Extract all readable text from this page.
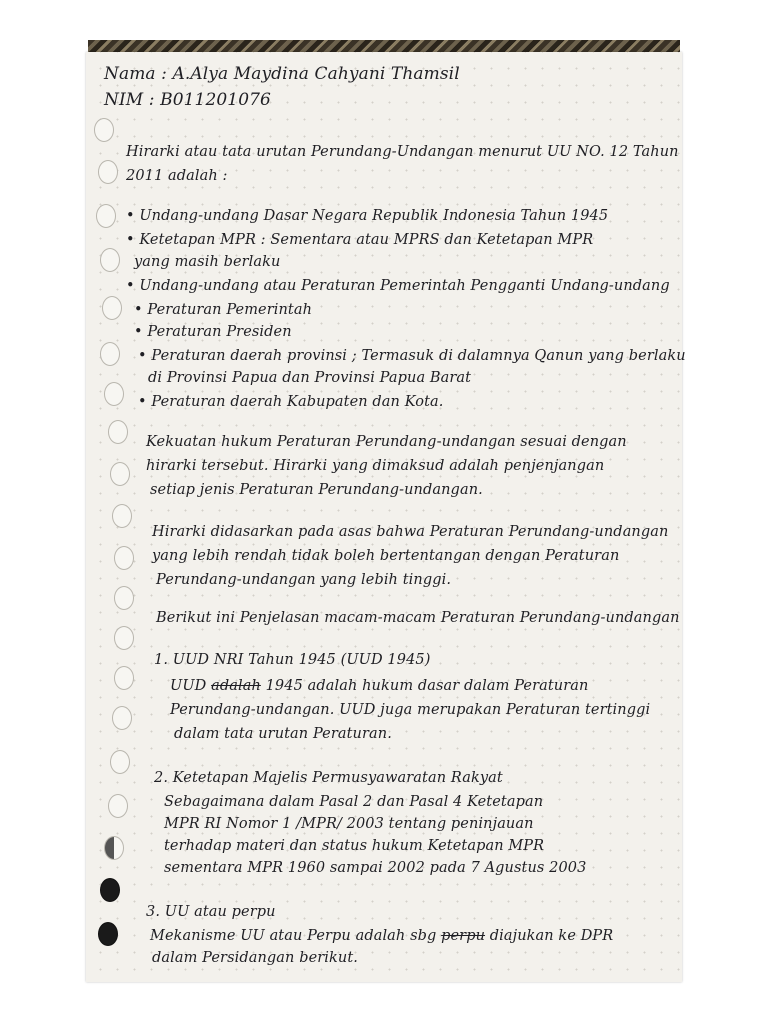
Nama : A.Alya Maydina Cahyani Thamsil
NIM : B011201076
Hirarki atau tata urutan Perundang-Undangan menurut UU NO. 12 Tahun
2011 adalah :
• Undang-undang Dasar Negara Republik Indonesia Tahun 1945
• Ketetapan MPR : Sementara atau MPRS dan Ketetapan MPR
yang masih berlaku
• Undang-undang atau Peraturan Pemerintah Pengganti Undang-undang
• Peraturan Pemerintah
• Peraturan Presiden
• Peraturan daerah provinsi ; Termasuk di dalamnya Qanun yang berlaku
di Provinsi Papua dan Provinsi Papua Barat
• Peraturan daerah Kabupaten dan Kota.
Kekuatan hukum Peraturan Perundang-undangan sesuai dengan
hirarki tersebut. Hirarki yang dimaksud adalah penjenjangan
setiap jenis Peraturan Perundang-undangan.
Hirarki didasarkan pada asas bahwa Peraturan Perundang-undangan
yang lebih rendah tidak boleh bertentangan dengan Peraturan
Perundang-undangan yang lebih tinggi.
Berikut ini Penjelasan macam-macam Peraturan Perundang-undangan
1. UUD NRI Tahun 1945 (UUD 1945)
UUD adalah 1945 adalah hukum dasar dalam Peraturan
Perundang-undangan. UUD juga merupakan Peraturan tertinggi
dalam tata urutan Peraturan.
2. Ketetapan Majelis Permusyawaratan Rakyat
Sebagaimana dalam Pasal 2 dan Pasal 4 Ketetapan
MPR RI Nomor 1 /MPR/ 2003 tentang peninjauan
terhadap materi dan status hukum Ketetapan MPR
sementara MPR 1960 sampai 2002 pada 7 Agustus 2003
3. UU atau perpu
Mekanisme UU atau Perpu adalah sbg perpu diajukan ke DPR
dalam Persidangan berikut.
